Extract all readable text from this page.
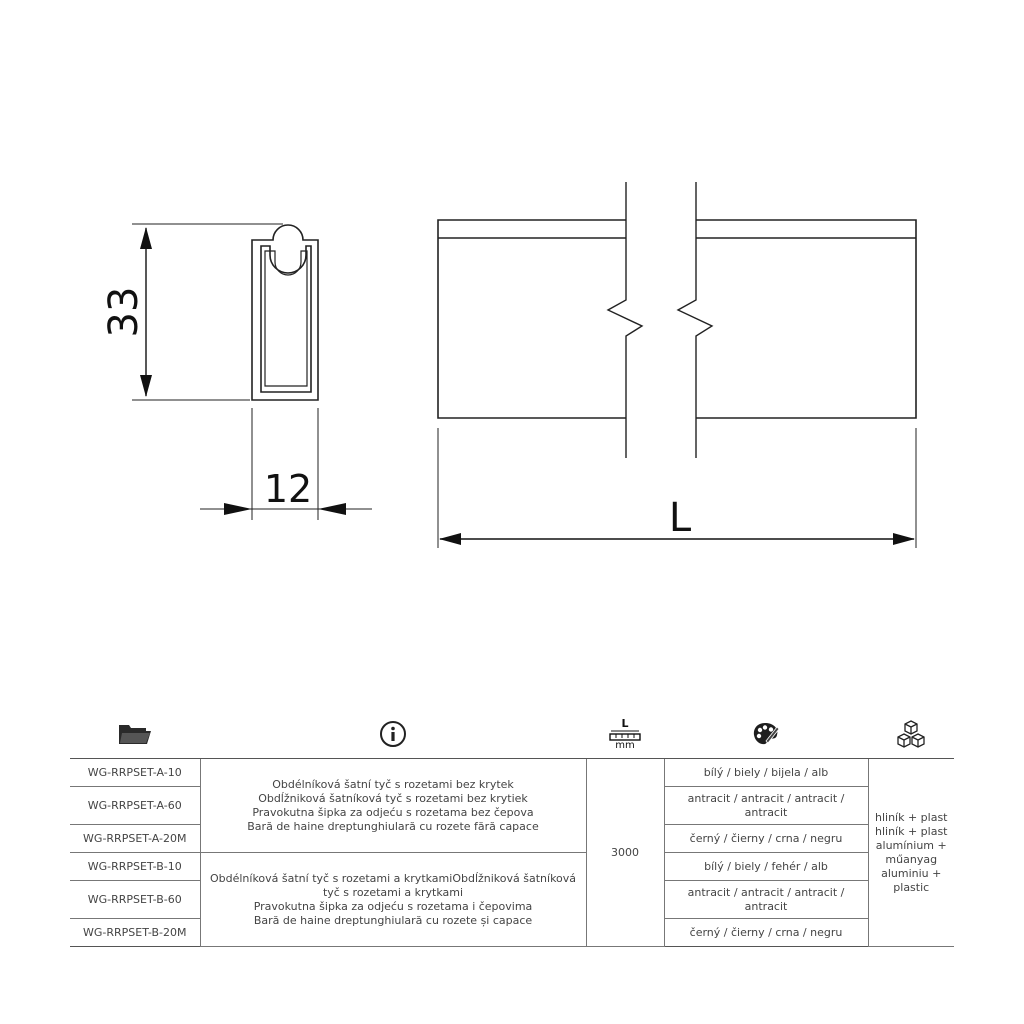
33
12
L
L
mm
WG-RRPSET-A-10	Obdélníková šatní tyč s rozetami bez krytek
Obdĺžniková šatníková tyč s rozetami bez krytiek
Pravokutna šipka za odjeću s rozetama bez čepova
Bară de haine dreptunghiulară cu rozete fără capace	3000	bílý / biely / bijela / alb	hliník + plast hliník + plast alumínium + műanyag aluminiu + plastic
WG-RRPSET-A-60			antracit / antracit / antracit / antracit	
WG-RRPSET-A-20M			černý / čierny / crna / negru	
WG-RRPSET-B-10	Obdélníková šatní tyč s rozetami a krytkamiObdĺžniková šatníková tyč s rozetami a krytkami
Pravokutna šipka za odjeću s rozetama i čepovima
Bară de haine dreptunghiulară cu rozete și capace		bílý / biely / fehér / alb	
WG-RRPSET-B-60			antracit / antracit / antracit / antracit	
WG-RRPSET-B-20M			černý / čierny / crna / negru	
